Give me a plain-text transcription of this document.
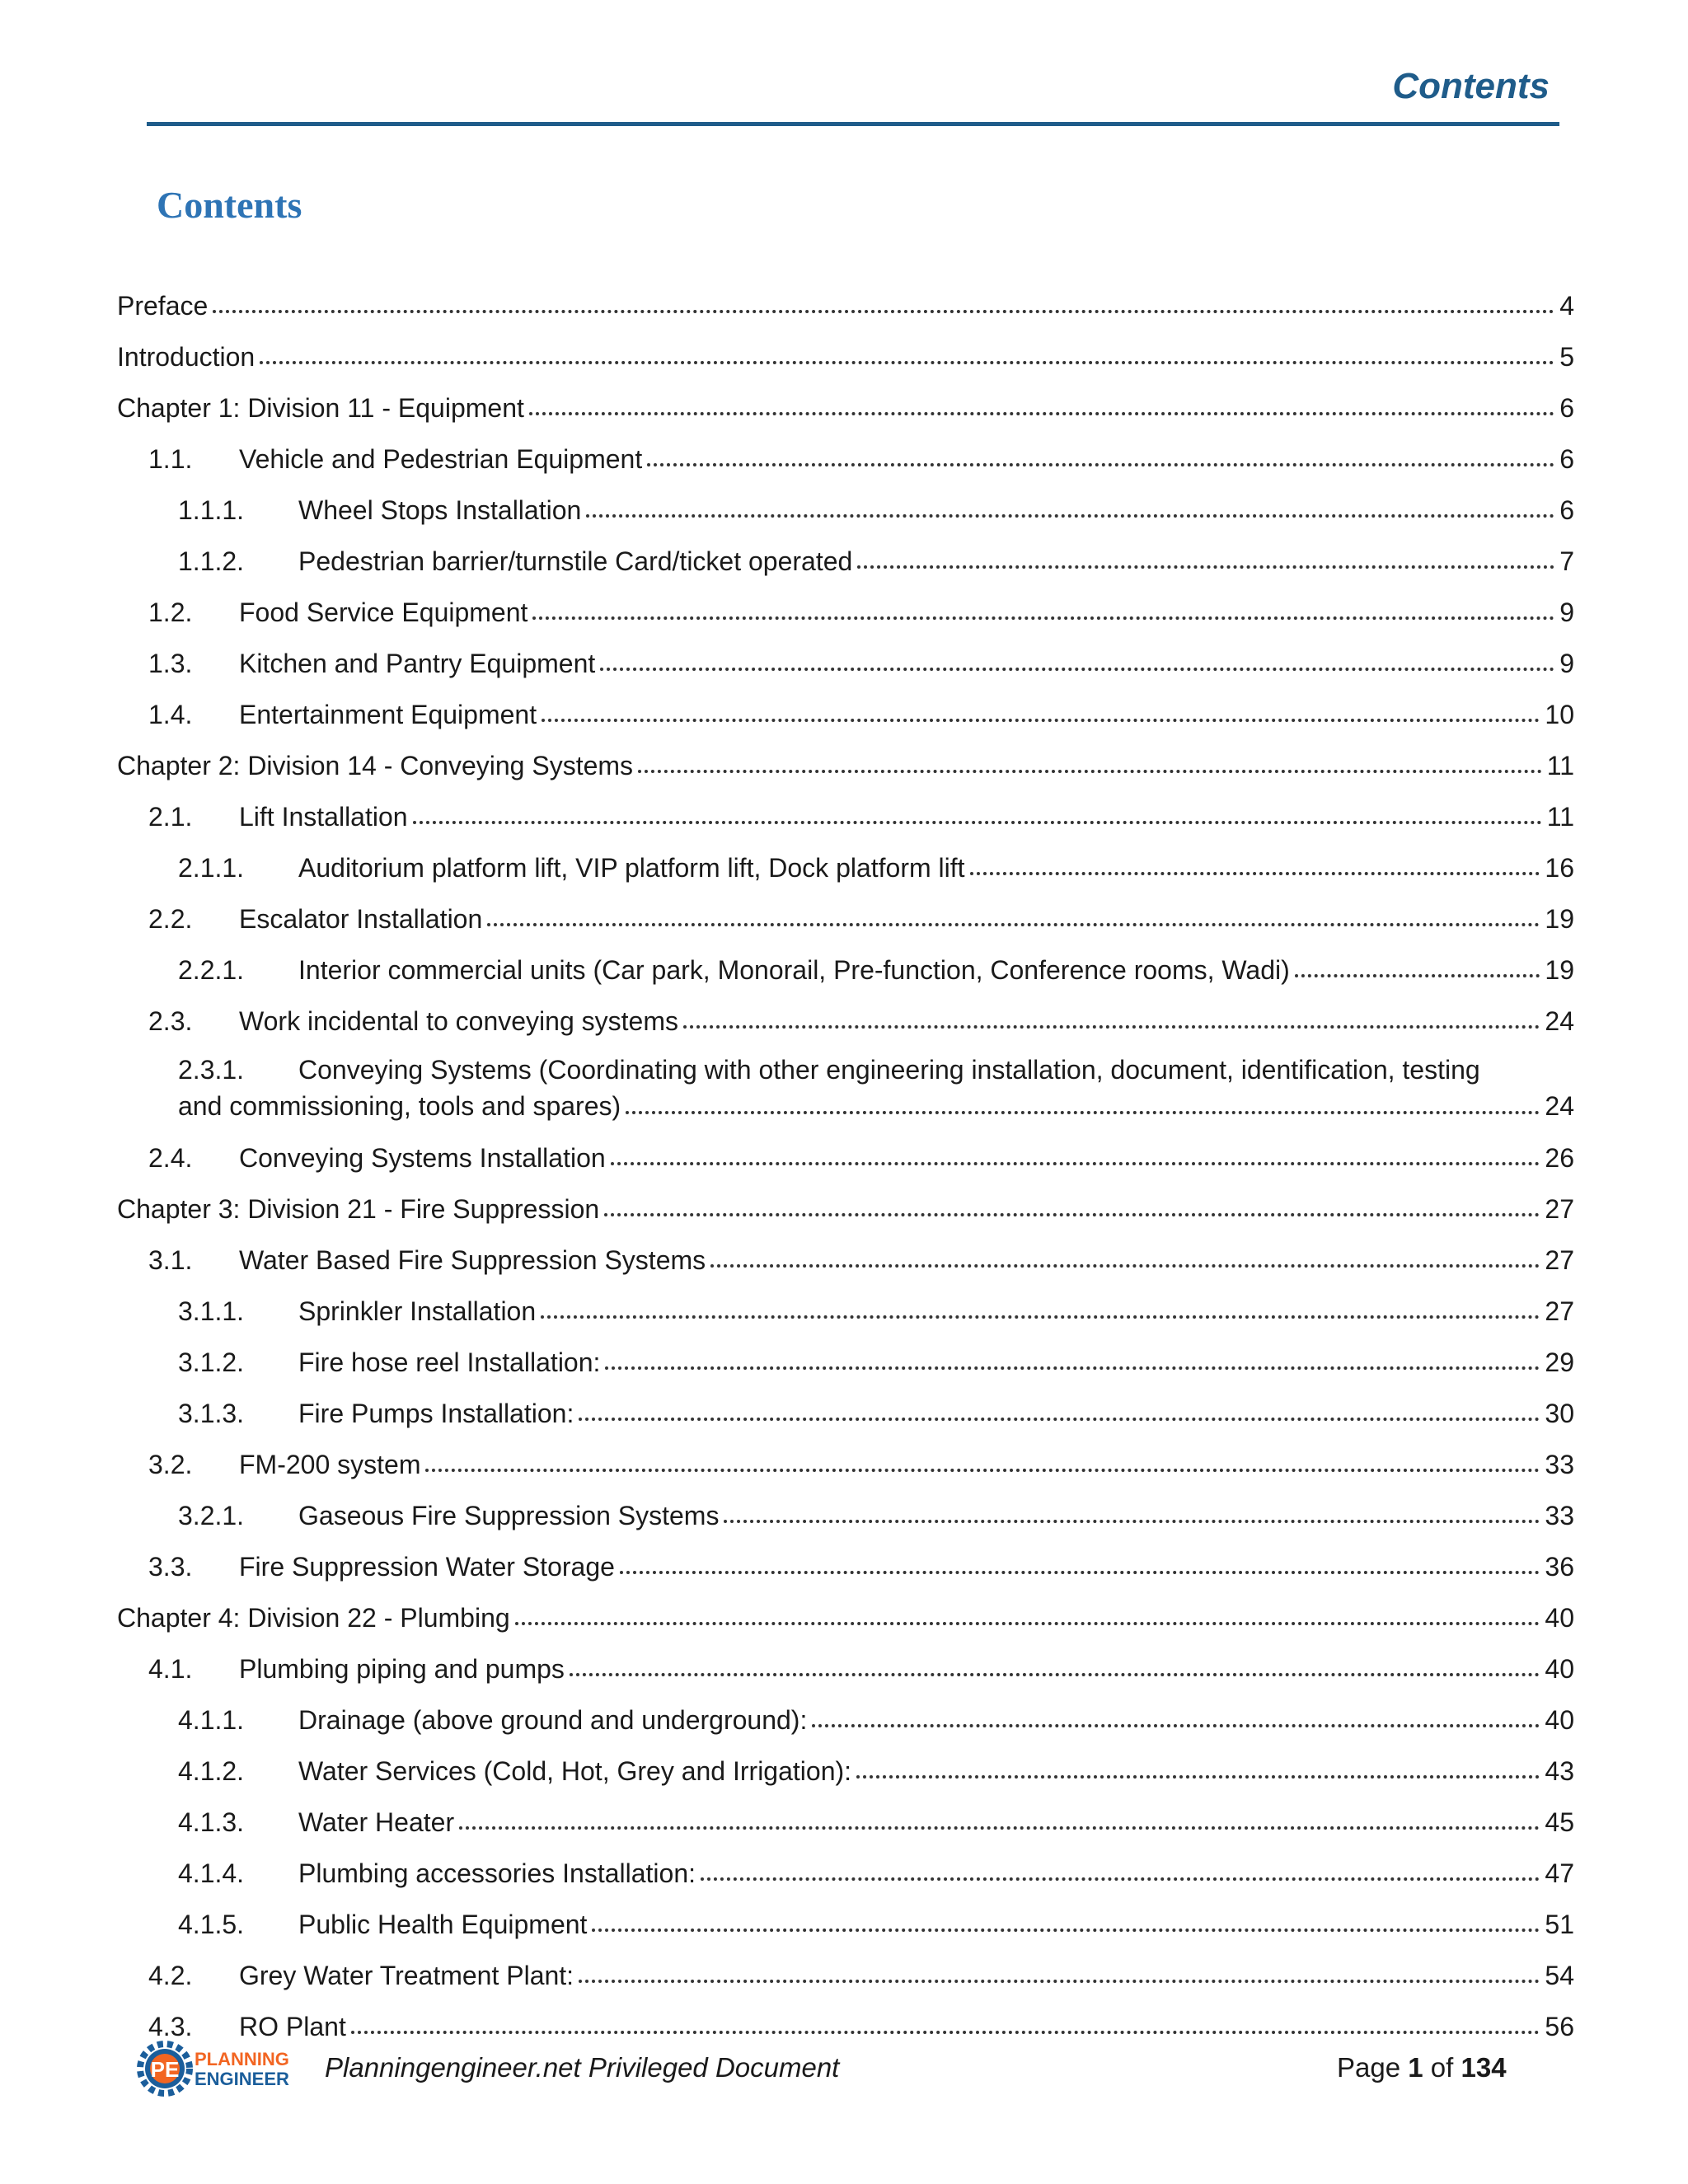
Contents
Contents
Preface	4
Introduction	5
Chapter 1: Division 11 - Equipment	6
1.1.	Vehicle and Pedestrian Equipment	6
1.1.1.	Wheel Stops Installation	6
1.1.2.	Pedestrian barrier/turnstile Card/ticket operated	7
1.2.	Food Service Equipment	9
1.3.	Kitchen and Pantry Equipment	9
1.4.	Entertainment Equipment	10
Chapter 2: Division 14 - Conveying Systems	11
2.1.	Lift Installation	11
2.1.1.	Auditorium platform lift, VIP platform lift, Dock platform lift	16
2.2.	Escalator Installation	19
2.2.1.	Interior commercial units (Car park, Monorail, Pre-function, Conference rooms, Wadi)	19
2.3.	Work incidental to conveying systems	24
2.3.1.	Conveying Systems (Coordinating with other engineering installation, document, identification, testing
and commissioning, tools and spares)	24
2.4.	Conveying Systems Installation	26
Chapter 3: Division 21 - Fire Suppression	27
3.1.	Water Based Fire Suppression Systems	27
3.1.1.	Sprinkler Installation	27
3.1.2.	Fire hose reel Installation:	29
3.1.3.	Fire Pumps Installation:	30
3.2.	FM-200 system	33
3.2.1.	Gaseous Fire Suppression Systems	33
3.3.	Fire Suppression Water Storage	36
Chapter 4: Division 22 - Plumbing	40
4.1.	Plumbing piping and pumps	40
4.1.1.	Drainage (above ground and underground):	40
4.1.2.	Water Services (Cold, Hot, Grey and Irrigation):	43
4.1.3.	Water Heater	45
4.1.4.	Plumbing accessories Installation:	47
4.1.5.	Public Health Equipment	51
4.2.	Grey Water Treatment Plant:	54
4.3.	RO Plant	56
PE PLANNING
ENGINEER Planningengineer.net Privileged Document	Page 1 of 134
